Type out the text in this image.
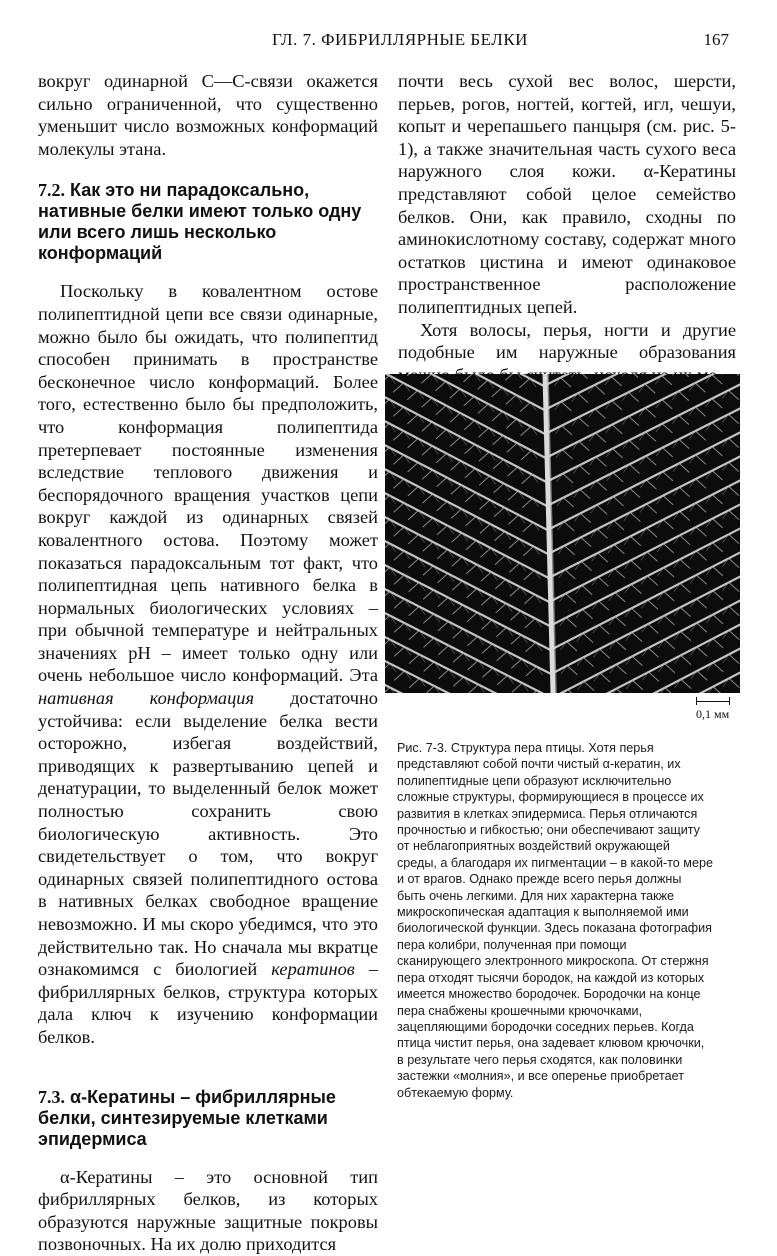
ГЛ. 7. ФИБРИЛЛЯРНЫЕ БЕЛКИ	167

вокруг одинарной С—С-связи окажется сильно ограниченной, что существенно уменьшит число возможных конформаций молекулы этана.

7.2. Как это ни парадоксально, нативные белки имеют только одну или всего лишь несколько конформаций

Поскольку в ковалентном остове полипептидной цепи все связи одинарные, можно было бы ожидать, что полипептид способен принимать в пространстве бесконечное число конформаций. Более того, естественно было бы предположить, что конформация полипептида претерпевает постоянные изменения вследствие теплового движения и беспорядочного вращения участков цепи вокруг каждой из одинарных связей ковалентного остова. Поэтому может показаться парадоксальным тот факт, что полипептидная цепь нативного белка в нормальных биологических условиях – при обычной температуре и нейтральных значениях pH – имеет только одну или очень небольшое число конформаций. Эта нативная конформация достаточно устойчива: если выделение белка вести осторожно, избегая воздействий, приводящих к развертыванию цепей и денатурации, то выделенный белок может полностью сохранить свою биологическую активность. Это свидетельствует о том, что вокруг одинарных связей полипептидного остова в нативных белках свободное вращение невозможно. И мы скоро убедимся, что это действительно так. Но сначала мы вкратце ознакомимся с биологией кератинов – фибриллярных белков, структура которых дала ключ к изучению конформации белков.

7.3. α-Кератины – фибриллярные белки, синтезируемые клетками эпидермиса

α-Кератины – это основной тип фибриллярных белков, из которых образуются наружные защитные покровы позвоночных. На их долю приходится

почти весь сухой вес волос, шерсти, перьев, рогов, ногтей, когтей, игл, чешуи, копыт и черепашьего панцыря (см. рис. 5-1), а также значительная часть сухого веса наружного слоя кожи. α-Кератины представляют собой целое семейство белков. Они, как правило, сходны по аминокислотному составу, содержат много остатков цистина и имеют одинаковое пространственное расположение полипептидных цепей.

Хотя волосы, перья, ногти и другие подобные им наружные образования

0,1 мм

Рис. 7-3. Структура пера птицы. Хотя перья представляют собой почти чистый α-кератин, их полипептидные цепи образуют исключительно сложные структуры, формирующиеся в процессе их развития в клетках эпидермиса. Перья отличаются прочностью и гибкостью; они обеспечивают защиту от неблагоприятных воздействий окружающей среды, а благодаря их пигментации – в какой-то мере и от врагов. Однако прежде всего перья должны быть очень легкими. Для них характерна также микроскопическая адаптация к выполняемой ими биологической функции. Здесь показана фотография пера колибри, полученная при помощи сканирующего электронного микроскопа. От стержня пера отходят тысячи бородок, на каждой из которых имеется множество бородочек. Бородочки на конце пера снабжены крошечными крючочками, зацепляющими бородочки соседних перьев. Когда птица чистит перья, она задевает клювом крючочки, в результате чего перья сходятся, как половинки застежки «молния», и все оперенье приобретает обтекаемую форму.
